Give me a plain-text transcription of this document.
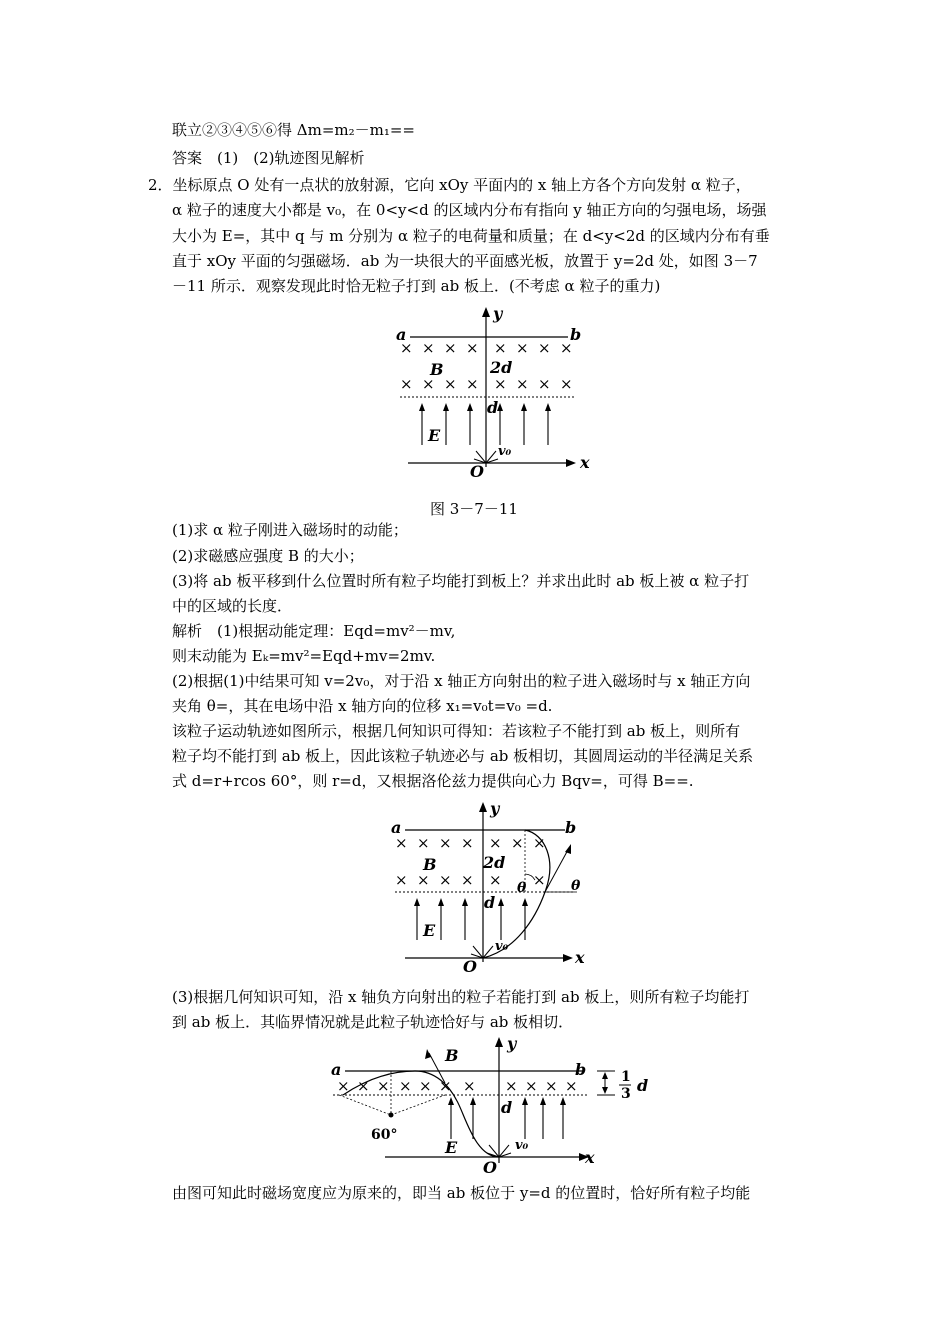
联立②③④⑤⑥得 Δm=m₂－m₁==
答案　(1)　(2)轨迹图见解析
2．坐标原点 O 处有一点状的放射源，它向 xOy 平面内的 x 轴上方各个方向发射 α 粒子，
α 粒子的速度大小都是 v₀，在 0<y<d 的区域内分布有指向 y 轴正方向的匀强电场，场强
大小为 E=，其中 q 与 m 分别为 α 粒子的电荷量和质量；在 d<y<2d 的区域内分布有垂
直于 xOy 平面的匀强磁场．ab 为一块很大的平面感光板，放置于 y=2d 处，如图 3－7
－11 所示．观察发现此时恰无粒子打到 ab 板上．(不考虑 α 粒子的重力)
a	b
y
x
O
× × × × × × × ×
× × × × × × × ×
B	2d
d
E
v₀
图 3－7－11
(1)求 α 粒子刚进入磁场时的动能；
(2)求磁感应强度 B 的大小；
(3)将 ab 板平移到什么位置时所有粒子均能打到板上？并求出此时 ab 板上被 α 粒子打
中的区域的长度．
解析　(1)根据动能定理：Eqd=mv²－mv,
则末动能为 Eₖ=mv²=Eqd+mv=2mv.
(2)根据(1)中结果可知 v=2v₀，对于沿 x 轴正方向射出的粒子进入磁场时与 x 轴正方向
夹角 θ=，其在电场中沿 x 轴方向的位移 x₁=v₀t=v₀ =d.
该粒子运动轨迹如图所示，根据几何知识可得知：若该粒子不能打到 ab 板上，则所有
粒子均不能打到 ab 板上，因此该粒子轨迹必与 ab 板相切，其圆周运动的半径满足关系
式 d=r+rcos 60°，则 r=d，又根据洛伦兹力提供向心力 Bqv=，可得 B==.
a	b
y
x
O
× × × × × × ×
× × × × × ×
B	2d
d
E
θ	θ
v₀
(3)根据几何知识可知，沿 x 轴负方向射出的粒子若能打到 ab 板上，则所有粒子均能打
到 ab 板上．其临界情况就是此粒子轨迹恰好与 ab 板相切．
a	b
y
x
O
× × × × × × × × × × ×
B
d
E
60°
v₀
1
3 d
由图可知此时磁场宽度应为原来的，即当 ab 板位于 y=d 的位置时，恰好所有粒子均能
